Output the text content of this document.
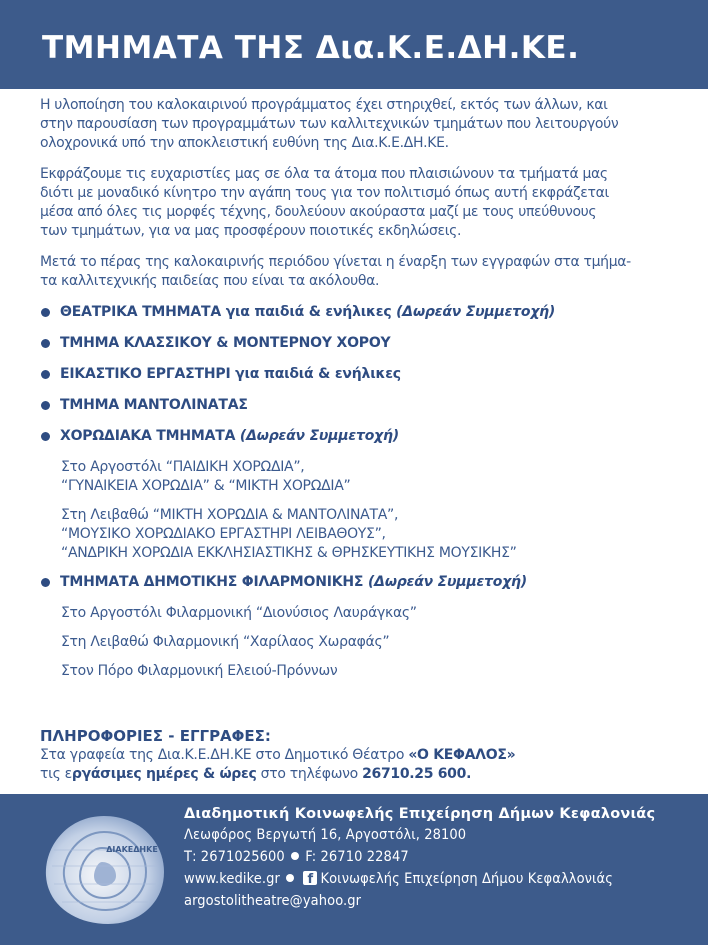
ΤΜΗΜΑΤΑ ΤΗΣ Δια.Κ.Ε.ΔΗ.ΚΕ.
Η υλοποίηση του καλοκαιρινού προγράμματος έχει στηριχθεί, εκτός των άλλων, και
στην παρουσίαση των προγραμμάτων των καλλιτεχνικών τμημάτων που λειτουργούν
ολοχρονικά υπό την αποκλειστική ευθύνη της Δια.Κ.Ε.ΔΗ.ΚΕ.
Εκφράζουμε τις ευχαριστίες μας σε όλα τα άτομα που πλαισιώνουν τα τμήματά μας
διότι με μοναδικό κίνητρο την αγάπη τους για τον πολιτισμό όπως αυτή εκφράζεται
μέσα από όλες τις μορφές τέχνης, δουλεύουν ακούραστα μαζί με τους υπεύθυνους
των τμημάτων, για να μας προσφέρουν ποιοτικές εκδηλώσεις.
Μετά το πέρας της καλοκαιρινής περιόδου γίνεται η έναρξη των εγγραφών στα τμήμα-
τα καλλιτεχνικής παιδείας που είναι τα ακόλουθα.
ΘΕΑΤΡΙΚΑ ΤΜΗΜΑΤΑ για παιδιά & ενήλικες (Δωρεάν Συμμετοχή)
ΤΜΗΜΑ ΚΛΑΣΣΙΚΟΥ & ΜΟΝΤΕΡΝΟΥ ΧΟΡΟΥ
ΕΙΚΑΣΤΙΚΟ ΕΡΓΑΣΤΗΡΙ για παιδιά & ενήλικες
ΤΜΗΜΑ ΜΑΝΤΟΛΙΝΑΤΑΣ
ΧΟΡΩΔΙΑΚΑ ΤΜΗΜΑΤΑ (Δωρεάν Συμμετοχή)
Στο Αργοστόλι “ΠΑΙΔΙΚΗ ΧΟΡΩΔΙΑ”,
“ΓΥΝΑΙΚΕΙΑ ΧΟΡΩΔΙΑ” & “ΜΙΚΤΗ ΧΟΡΩΔΙΑ”
Στη Λειβαθώ “ΜΙΚΤΗ ΧΟΡΩΔΙΑ & ΜΑΝΤΟΛΙΝΑΤΑ”,
“ΜΟΥΣΙΚΟ ΧΟΡΩΔΙΑΚΟ ΕΡΓΑΣΤΗΡΙ ΛΕΙΒΑΘΟΥΣ”,
“ΑΝΔΡΙΚΗ ΧΟΡΩΔΙΑ ΕΚΚΛΗΣΙΑΣΤΙΚΗΣ & ΘΡΗΣΚΕΥΤΙΚΗΣ ΜΟΥΣΙΚΗΣ”
ΤΜΗΜΑΤΑ ΔΗΜΟΤΙΚΗΣ ΦΙΛΑΡΜΟΝΙΚΗΣ (Δωρεάν Συμμετοχή)
Στο Αργοστόλι Φιλαρμονική “Διονύσιος Λαυράγκας”
Στη Λειβαθώ Φιλαρμονική “Χαρίλαος Χωραφάς”
Στον Πόρο Φιλαρμονική Ελειού-Πρόννων
ΠΛΗΡΟΦΟΡΙΕΣ - ΕΓΓΡΑΦΕΣ:
Στα γραφεία της Δια.Κ.Ε.ΔΗ.ΚΕ στο Δημοτικό Θέατρο «Ο ΚΕΦΑΛΟΣ»
τις εργάσιμες ημέρες & ώρες στο τηλέφωνο 26710.25 600.
ΔΙΑΚΕΔΗΚΕ
Διαδημοτική Κοινωφελής Επιχείρηση Δήμων Κεφαλονιάς
Λεωφόρος Βεργωτή 16, Αργοστόλι, 28100
Τ: 2671025600 F: 26710 22847
www.kedike.gr  f	Κοινωφελής Επιχείρηση Δήμου Κεφαλλονιάς
argostolitheatre@yahoo.gr
